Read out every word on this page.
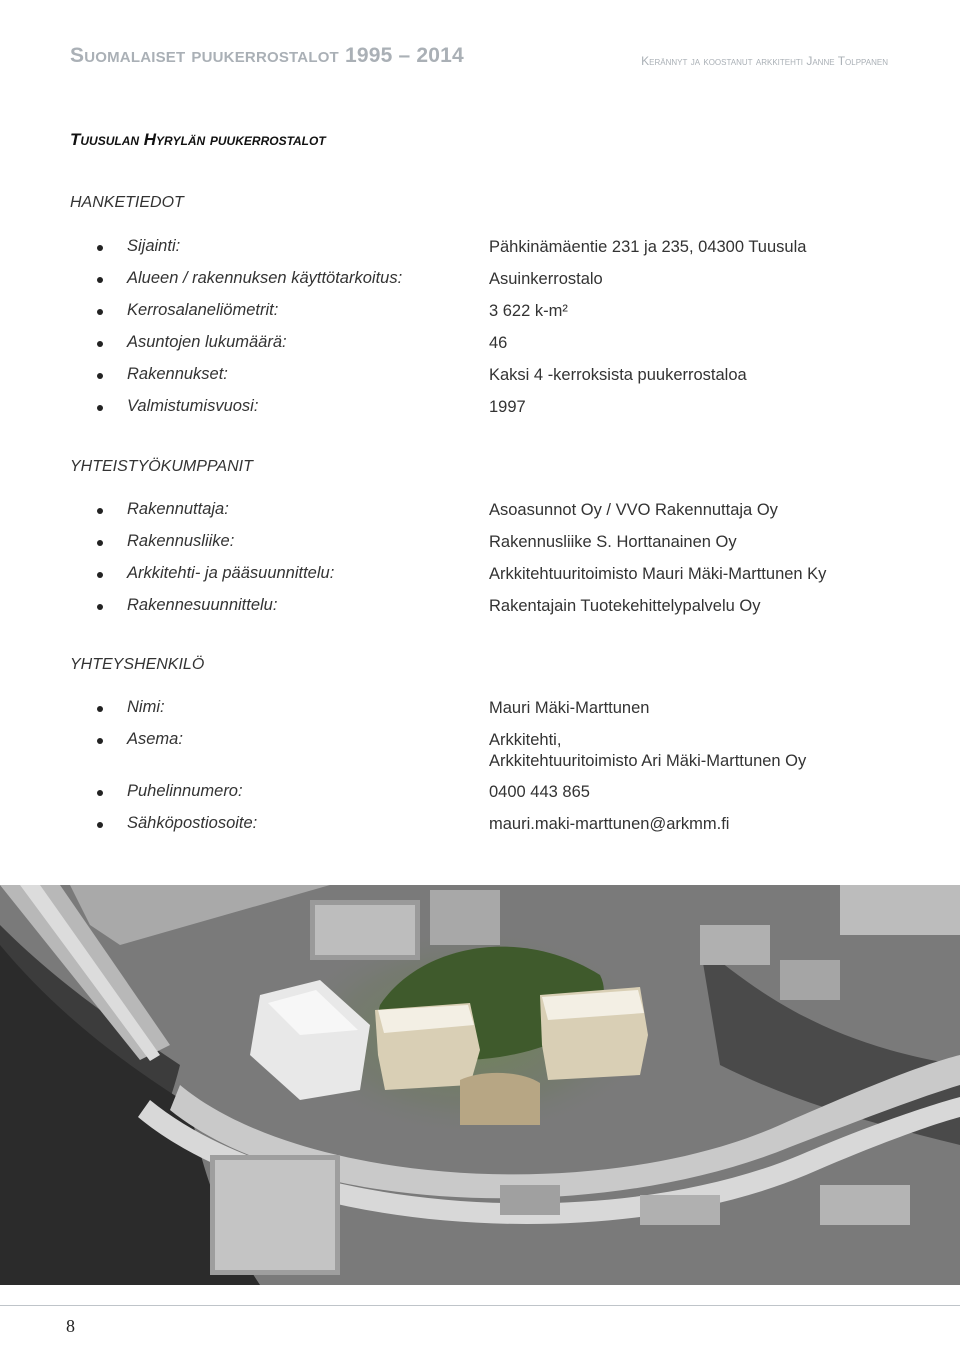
Suomalaiset puukerrostalot 1995 – 2014	Kerännyt ja koostanut arkkitehti Janne Tolppanen
Tuusulan Hyrylän puukerrostalot
HANKETIEDOT
Sijainti:	Pähkinämäentie 231 ja 235, 04300 Tuusula
Alueen / rakennuksen käyttötarkoitus:	Asuinkerrostalo
Kerrosalaneliömetrit:	3 622 k-m²
Asuntojen lukumäärä:	46
Rakennukset:	Kaksi 4 -kerroksista puukerrostaloa
Valmistumisvuosi:	1997
YHTEISTYÖKUMPPANIT
Rakennuttaja:	Asoasunnot Oy / VVO Rakennuttaja Oy
Rakennusliike:	Rakennusliike S. Horttanainen Oy
Arkkitehti- ja pääsuunnittelu:	Arkkitehtuuritoimisto Mauri Mäki-Marttunen Ky
Rakennesuunnittelu:	Rakentajain Tuotekehittelypalvelu Oy
YHTEYSHENKILÖ
Nimi:	Mauri Mäki-Marttunen
Asema:	Arkkitehti,
Arkkitehtuuritoimisto Ari Mäki-Marttunen Oy
Puhelinnumero:	0400 443 865
Sähköpostiosoite:	mauri.maki-marttunen@arkmm.fi
8
